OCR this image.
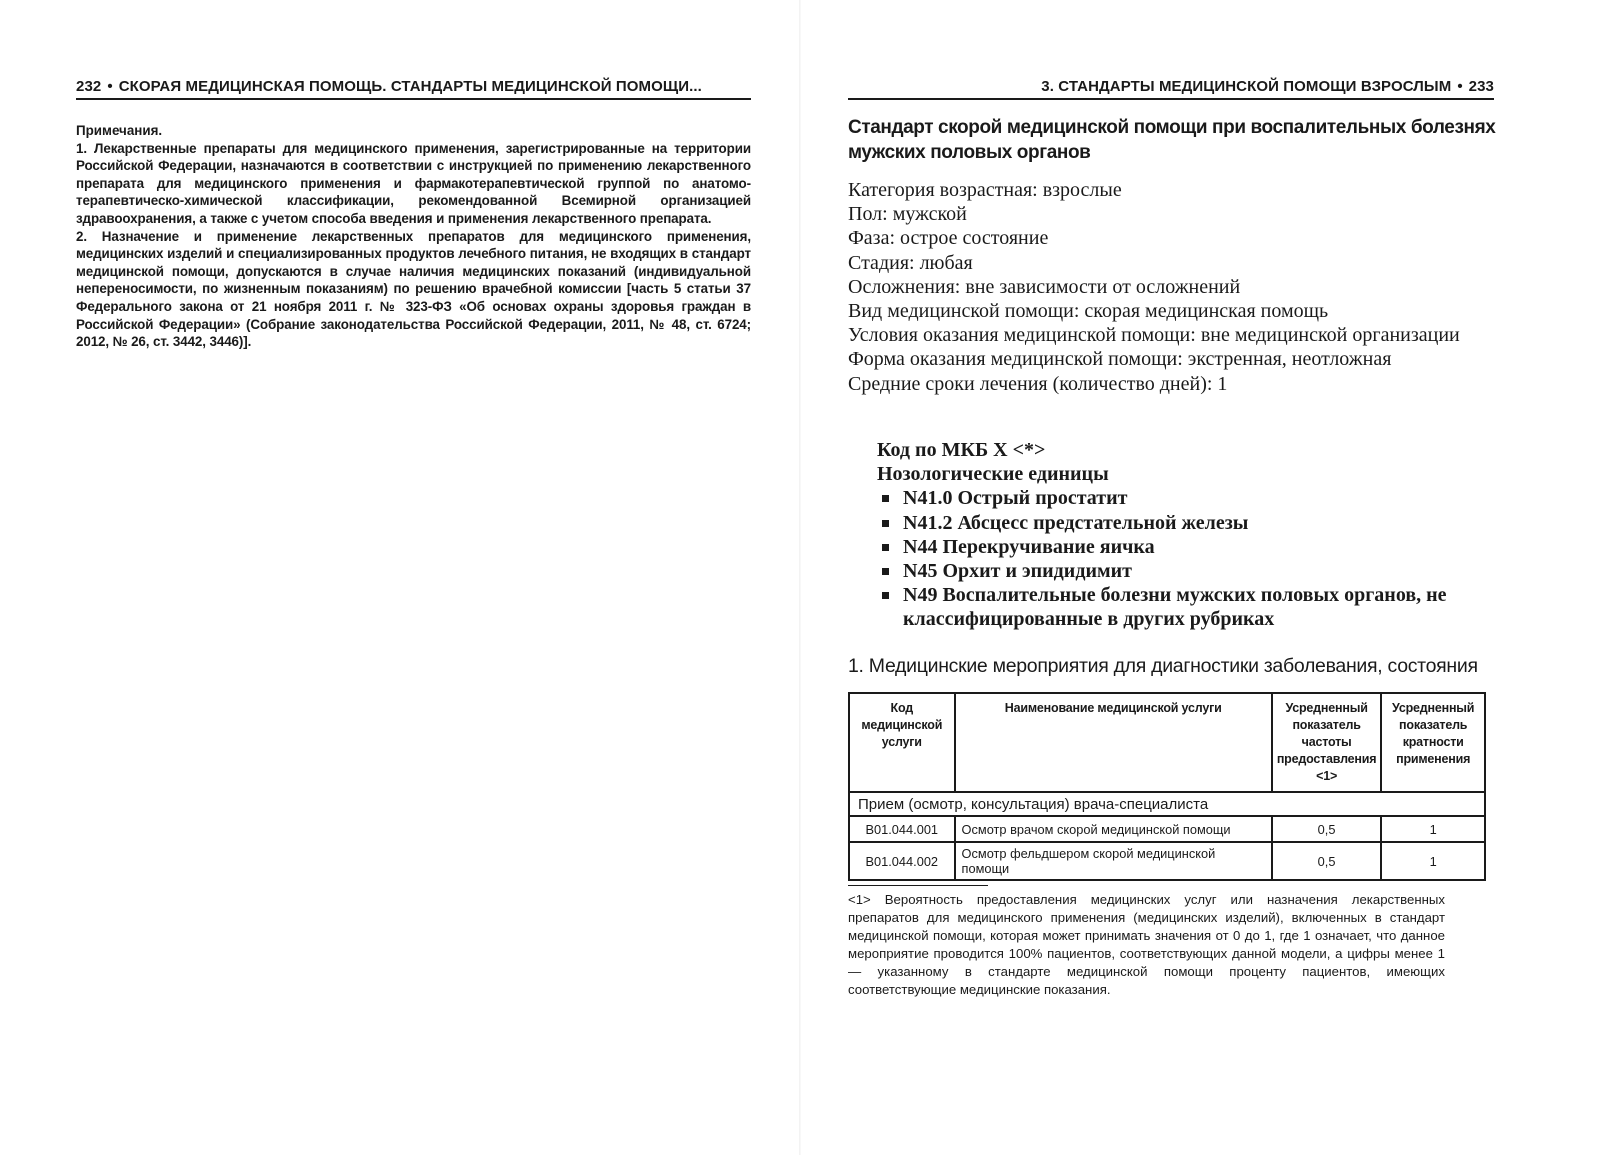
232 • СКОРАЯ МЕДИЦИНСКАЯ ПОМОЩЬ. СТАНДАРТЫ МЕДИЦИНСКОЙ ПОМОЩИ...
Примечания.

1. Лекарственные препараты для медицинского применения, зарегистрированные на территории Российской Федерации, назначаются в соответствии с инструкцией по применению лекарственного препарата для медицинского применения и фармакотерапевтической группой по анатомо-терапевтическо-химической классификации, рекомендованной Всемирной организацией здравоохранения, а также с учетом способа введения и применения лекарственного препарата.

2. Назначение и применение лекарственных препаратов для медицинского применения, медицинских изделий и специализированных продуктов лечебного питания, не входящих в стандарт медицинской помощи, допускаются в случае наличия медицинских показаний (индивидуальной непереносимости, по жизненным показаниям) по решению врачебной комиссии [часть 5 статьи 37 Федерального закона от 21 ноября 2011 г. № 323-ФЗ «Об основах охраны здоровья граждан в Российской Федерации» (Собрание законодательства Российской Федерации, 2011, № 48, ст. 6724; 2012, № 26, ст. 3442, 3446)].

3. СТАНДАРТЫ МЕДИЦИНСКОЙ ПОМОЩИ ВЗРОСЛЫМ • 233
Стандарт скорой медицинской помощи при воспалительных болезнях мужских половых органов
Категория возрастная: взрослые
Пол: мужской
Фаза: острое состояние
Стадия: любая
Осложнения: вне зависимости от осложнений
Вид медицинской помощи: скорая медицинская помощь
Условия оказания медицинской помощи: вне медицинской организации
Форма оказания медицинской помощи: экстренная, неотложная
Средние сроки лечения (количество дней): 1
Код по МКБ X <*>
Нозологические единицы
N41.0 Острый простатит
N41.2 Абсцесс предстательной железы
N44 Перекручивание яичка
N45 Орхит и эпидидимит
N49 Воспалительные болезни мужских половых органов, не классифицированные в других рубриках
1. Медицинские мероприятия для диагностики заболевания, состояния
Код медицинской услуги	Наименование медицинской услуги	Усредненный показатель частоты предоставления <1>	Усредненный показатель кратности применения
Прием (осмотр, консультация) врача-специалиста			
B01.044.001	Осмотр врачом скорой медицинской помощи	0,5	1
B01.044.002	Осмотр фельдшером скорой медицинской помощи	0,5	1
<1> Вероятность предоставления медицинских услуг или назначения лекарственных препаратов для медицинского применения (медицинских изделий), включенных в стандарт медицинской помощи, которая может принимать значения от 0 до 1, где 1 означает, что данное мероприятие проводится 100% пациентов, соответствующих данной модели, а цифры менее 1 — указанному в стандарте медицинской помощи проценту пациентов, имеющих соответствующие медицинские показания.
